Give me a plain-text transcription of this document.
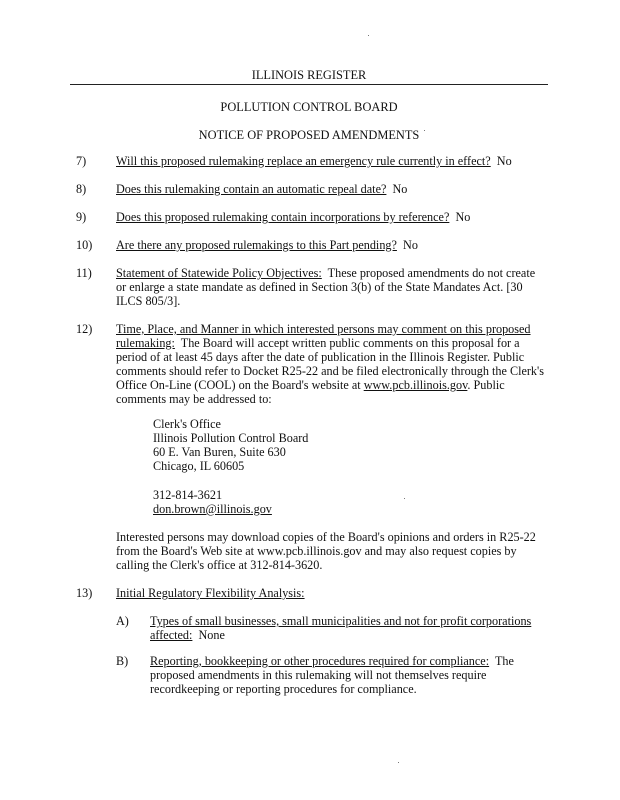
ILLINOIS REGISTER
POLLUTION CONTROL BOARD
NOTICE OF PROPOSED AMENDMENTS
7)	Will this proposed rulemaking replace an emergency rule currently in effect? No
8)	Does this rulemaking contain an automatic repeal date? No
9)	Does this proposed rulemaking contain incorporations by reference? No
10)	Are there any proposed rulemakings to this Part pending? No
11)	Statement of Statewide Policy Objectives: These proposed amendments do not create or enlarge a state mandate as defined in Section 3(b) of the State Mandates Act. [30 ILCS 805/3].
12)	Time, Place, and Manner in which interested persons may comment on this proposed rulemaking: The Board will accept written public comments on this proposal for a period of at least 45 days after the date of publication in the Illinois Register. Public comments should refer to Docket R25-22 and be filed electronically through the Clerk's Office On-Line (COOL) on the Board's website at www.pcb.illinois.gov. Public comments may be addressed to:
Clerk's Office
Illinois Pollution Control Board
60 E. Van Buren, Suite 630
Chicago, IL 60605
312-814-3621
don.brown@illinois.gov
Interested persons may download copies of the Board's opinions and orders in R25-22 from the Board's Web site at www.pcb.illinois.gov and may also request copies by calling the Clerk's office at 312-814-3620.
13)	Initial Regulatory Flexibility Analysis:
A)	Types of small businesses, small municipalities and not for profit corporations affected: None
B)	Reporting, bookkeeping or other procedures required for compliance: The proposed amendments in this rulemaking will not themselves require recordkeeping or reporting procedures for compliance.
